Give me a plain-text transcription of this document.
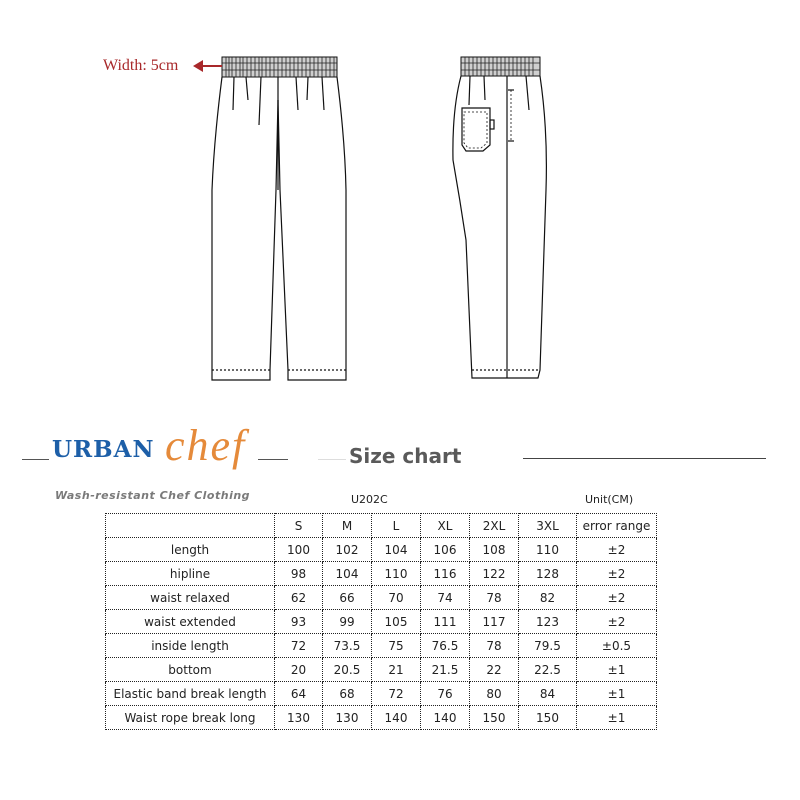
Width: 5cm
URBAN chef	Size chart
Wash-resistant Chef Clothing	U202C	Unit(CM)
	S	M	L	XL	2XL	3XL	error range
length	100	102	104	106	108	110	±2
hipline	98	104	110	116	122	128	±2
waist relaxed	62	66	70	74	78	82	±2
waist extended	93	99	105	111	117	123	±2
inside length	72	73.5	75	76.5	78	79.5	±0.5
bottom	20	20.5	21	21.5	22	22.5	±1
Elastic band break length	64	68	72	76	80	84	±1
Waist rope break long	130	130	140	140	150	150	±1
